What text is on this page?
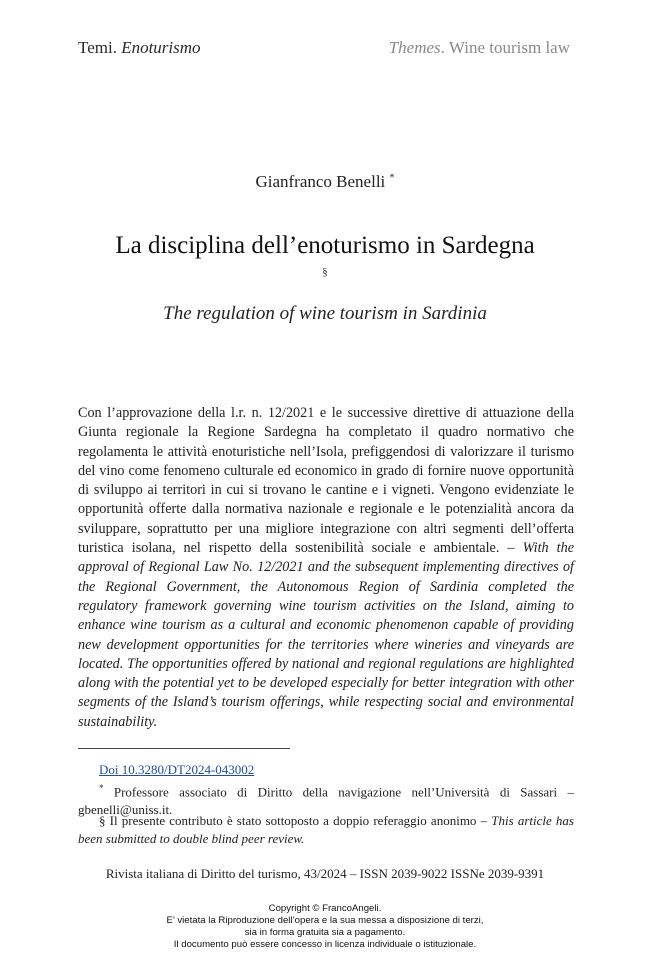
Temi. Enoturismo	Themes. Wine tourism law
Gianfranco Benelli *
La disciplina dell’enoturismo in Sardegna
§
The regulation of wine tourism in Sardinia
Con l’approvazione della l.r. n. 12/2021 e le successive direttive di attuazione della Giunta regionale la Regione Sardegna ha completato il quadro normativo che regolamenta le attività enoturistiche nell’Isola, prefiggendosi di valorizzare il turismo del vino come fenomeno culturale ed economico in grado di fornire nuove opportunità di sviluppo ai territori in cui si trovano le cantine e i vigneti. Vengono evidenziate le opportunità offerte dalla normativa nazionale e regionale e le potenzialità ancora da sviluppare, soprattutto per una migliore integrazione con altri segmenti dell’offerta turistica isolana, nel rispetto della sostenibilità sociale e ambientale. – With the approval of Regional Law No. 12/2021 and the subsequent implementing directives of the Regional Government, the Autonomous Region of Sardinia completed the regulatory framework governing wine tourism activities on the Island, aiming to enhance wine tourism as a cultural and economic phenomenon capable of providing new development opportunities for the territories where wineries and vineyards are located. The opportunities offered by national and regional regulations are highlighted along with the potential yet to be developed especially for better integration with other segments of the Island’s tourism offerings, while respecting social and environmental sustainability.
Doi 10.3280/DT2024-043002
* Professore associato di Diritto della navigazione nell’Università di Sassari – gbenelli@uniss.it.
§ Il presente contributo è stato sottoposto a doppio referaggio anonimo – This article has been submitted to double blind peer review.
Rivista italiana di Diritto del turismo, 43/2024 – ISSN 2039-9022 ISSNe 2039-9391
Copyright © FrancoAngeli.
E’ vietata la Riproduzione dell’opera e la sua messa a disposizione di terzi,
sia in forma gratuita sia a pagamento.
Il documento può essere concesso in licenza individuale o istituzionale.
